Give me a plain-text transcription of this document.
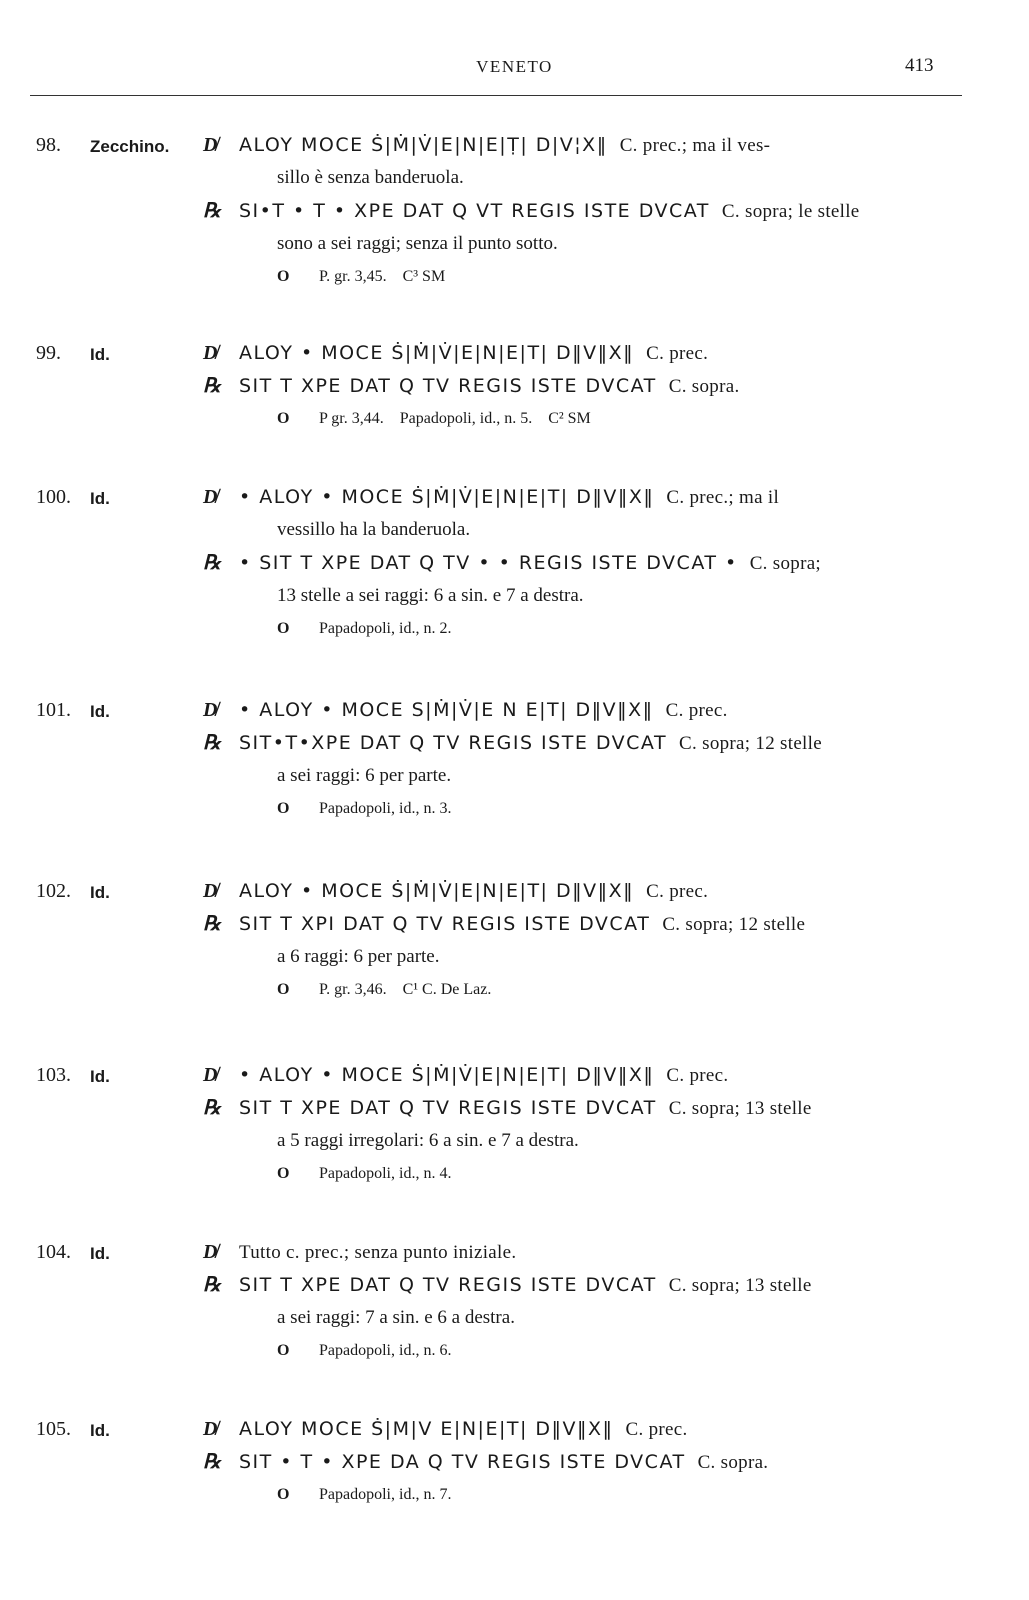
VENETO	413
98. Zecchino. D̸ ALOY MOCE Ṡ|Ṁ|V̇|E|N|E|Ṭ| D|V¦X‖ C. prec.; ma il ves-
sillo è senza banderuola.
℞ SI•T • T • XPE DAT Q VT REGIS ISTE DVCAT C. sopra; le stelle
sono a sei raggi; senza il punto sotto.
O P. gr. 3,45. C³ SM
99. Id.	D̸ ALOY • MOCE Ṡ|Ṁ|V̇|E|N|E|T| D‖V‖X‖ C. prec.
℞ SIT T XPE DAT Q TV REGIS ISTE DVCAT C. sopra.
O P gr. 3,44. Papadopoli, id., n. 5. C² SM
100. Id.	D̸ • ALOY • MOCE Ṡ|Ṁ|V̇|E|N|E|T| D‖V‖X‖ C. prec.; ma il
vessillo ha la banderuola.
℞ • SIT T XPE DAT Q TV • • REGIS ISTE DVCAT • C. sopra;
13 stelle a sei raggi: 6 a sin. e 7 a destra.
O Papadopoli, id., n. 2.
101. Id.	D̸ • ALOY • MOCE S|Ṁ|V̇|E N E|T| D‖V‖X‖ C. prec.
℞ SIT•T•XPE DAT Q TV REGIS ISTE DVCAT C. sopra; 12 stelle
a sei raggi: 6 per parte.
O Papadopoli, id., n. 3.
102. Id.	D̸ ALOY • MOCE Ṡ|Ṁ|V̇|E|N|E|T| D‖V‖X‖ C. prec.
℞ SIT T XPI DAT Q TV REGIS ISTE DVCAT C. sopra; 12 stelle
a 6 raggi: 6 per parte.
O P. gr. 3,46. C¹ C. De Laz.
103. Id.	D̸ • ALOY • MOCE Ṡ|Ṁ|V̇|E|N|E|T| D‖V‖X‖ C. prec.
℞ SIT T XPE DAT Q TV REGIS ISTE DVCAT C. sopra; 13 stelle
a 5 raggi irregolari: 6 a sin. e 7 a destra.
O Papadopoli, id., n. 4.
104. Id.	D̸ Tutto c. prec.; senza punto iniziale.
℞ SIT T XPE DAT Q TV REGIS ISTE DVCAT C. sopra; 13 stelle
a sei raggi: 7 a sin. e 6 a destra.
O Papadopoli, id., n. 6.
105. Id.	D̸ ALOY MOCE Ṡ|M|V E|N|E|T| D‖V‖X‖ C. prec.
℞ SIT • T • XPE DA Q TV REGIS ISTE DVCAT C. sopra.
O Papadopoli, id., n. 7.
